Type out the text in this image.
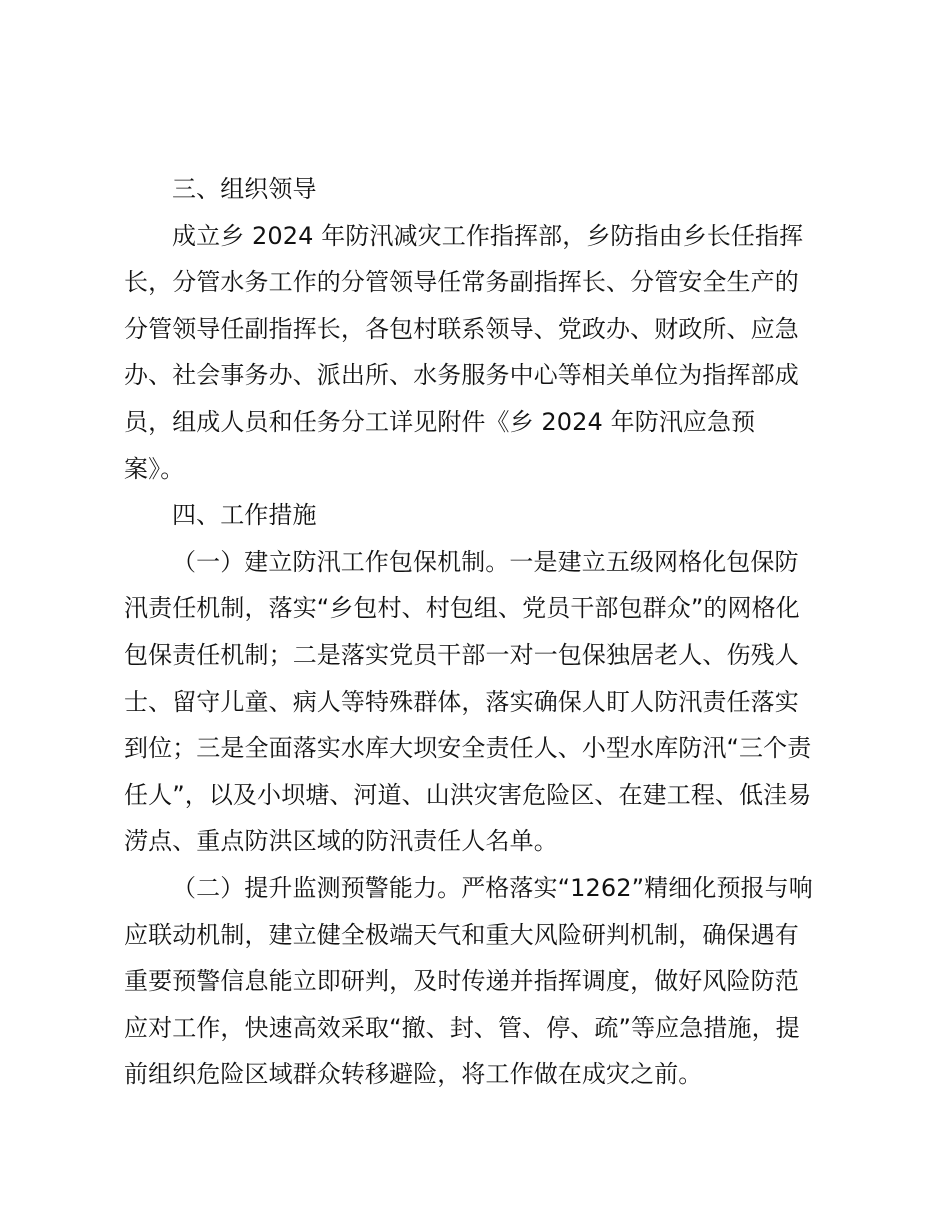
三、组织领导

成立乡 2024 年防汛减灾工作指挥部，乡防指由乡长任指挥
长，分管水务工作的分管领导任常务副指挥长、分管安全生产的
分管领导任副指挥长，各包村联系领导、党政办、财政所、应急
办、社会事务办、派出所、水务服务中心等相关单位为指挥部成
员，组成人员和任务分工详见附件《乡 2024 年防汛应急预
案》。

四、工作措施

（一）建立防汛工作包保机制。一是建立五级网格化包保防
汛责任机制，落实“乡包村、村包组、党员干部包群众”的网格化
包保责任机制；二是落实党员干部一对一包保独居老人、伤残人
士、留守儿童、病人等特殊群体，落实确保人盯人防汛责任落实
到位；三是全面落实水库大坝安全责任人、小型水库防汛“三个责
任人”，以及小坝塘、河道、山洪灾害危险区、在建工程、低洼易
涝点、重点防洪区域的防汛责任人名单。

（二）提升监测预警能力。严格落实“1262”精细化预报与响
应联动机制，建立健全极端天气和重大风险研判机制，确保遇有
重要预警信息能立即研判，及时传递并指挥调度，做好风险防范
应对工作，快速高效采取“撤、封、管、停、疏”等应急措施，提
前组织危险区域群众转移避险，将工作做在成灾之前。
